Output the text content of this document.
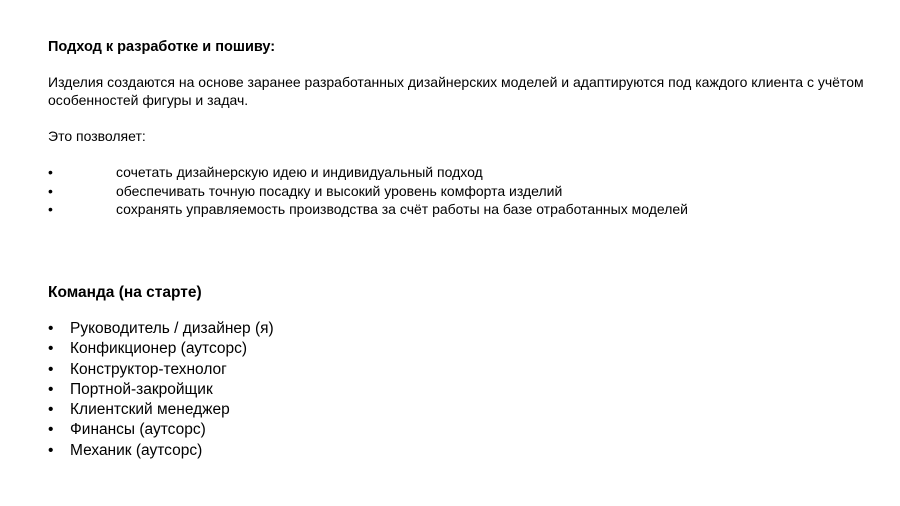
Подход к разработке и пошиву:

Изделия создаются на основе заранее разработанных дизайнерских моделей и адаптируются под каждого клиента с учётом
особенностей фигуры и задач.

Это позволяет:

•	сочетать дизайнерскую идею и индивидуальный подход
•	обеспечивать точную посадку и высокий уровень комфорта изделий
•	сохранять управляемость производства за счёт работы на базе отработанных моделей

Команда (на старте)

• Руководитель / дизайнер (я)
• Конфикционер (аутсорс)
• Конструктор-технолог
• Портной-закройщик
• Клиентский менеджер
• Финансы (аутсорс)
• Механик (аутсорс)
